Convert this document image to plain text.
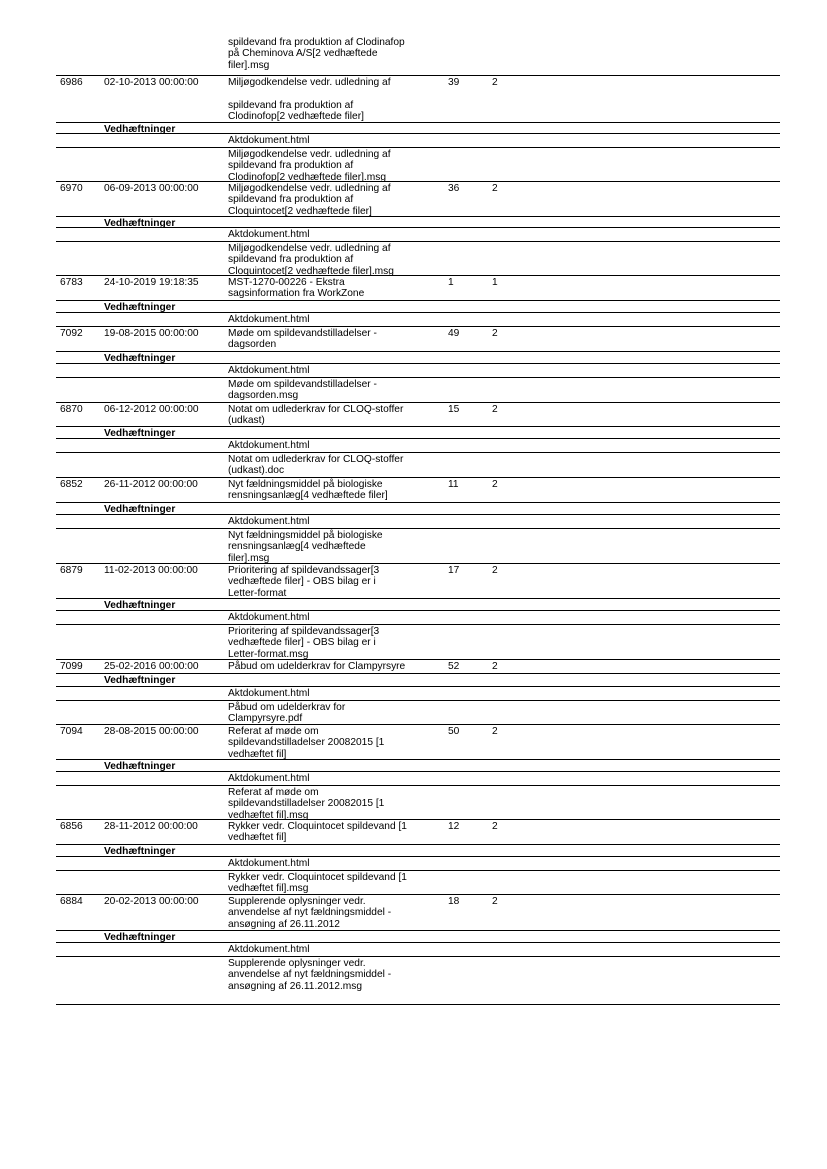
spildevand fra produktion af Clodinafop
på Cheminova A/S[2 vedhæftede
filer].msg
6986 02-10-2013 00:00:00	Miljøgodkendelse vedr. udledning af

spildevand fra produktion af
Clodinofop[2 vedhæftede filer]
39	2
Vedhæftninger
Aktdokument.html
Miljøgodkendelse vedr. udledning af
spildevand fra produktion af
Clodinofop[2 vedhæftede filer].msg
6970 06-09-2013 00:00:00	Miljøgodkendelse vedr. udledning af
spildevand fra produktion af
Cloquintocet[2 vedhæftede filer]
36	2
Vedhæftninger
Aktdokument.html
Miljøgodkendelse vedr. udledning af
spildevand fra produktion af
Cloquintocet[2 vedhæftede filer].msg
6783 24-10-2019 19:18:35	MST-1270-00226 - Ekstra
sagsinformation fra WorkZone
1	1
Vedhæftninger
Aktdokument.html
7092 19-08-2015 00:00:00	Møde om spildevandstilladelser -
dagsorden
49	2
Vedhæftninger
Aktdokument.html
Møde om spildevandstilladelser -
dagsorden.msg
6870 06-12-2012 00:00:00	Notat om udlederkrav for CLOQ-stoffer
(udkast)
15	2
Vedhæftninger
Aktdokument.html
Notat om udlederkrav for CLOQ-stoffer
(udkast).doc
6852 26-11-2012 00:00:00	Nyt fældningsmiddel på biologiske
rensningsanlæg[4 vedhæftede filer]
11	2
Vedhæftninger
Aktdokument.html
Nyt fældningsmiddel på biologiske
rensningsanlæg[4 vedhæftede
filer].msg
6879 11-02-2013 00:00:00	Prioritering af spildevandssager[3
vedhæftede filer] - OBS bilag er i
Letter-format
17	2
Vedhæftninger
Aktdokument.html
Prioritering af spildevandssager[3
vedhæftede filer] - OBS bilag er i
Letter-format.msg
7099 25-02-2016 00:00:00	Påbud om udelderkrav for Clampyrsyre	52	2
Vedhæftninger
Aktdokument.html
Påbud om udelderkrav for
Clampyrsyre.pdf
7094 28-08-2015 00:00:00	Referat af møde om
spildevandstilladelser 20082015 [1
vedhæftet fil]
50	2
Vedhæftninger
Aktdokument.html
Referat af møde om
spildevandstilladelser 20082015 [1
vedhæftet fil].msg
6856 28-11-2012 00:00:00	Rykker vedr. Cloquintocet spildevand [1
vedhæftet fil]
12	2
Vedhæftninger
Aktdokument.html
Rykker vedr. Cloquintocet spildevand [1
vedhæftet fil].msg
6884 20-02-2013 00:00:00	Supplerende oplysninger vedr.
anvendelse af nyt fældningsmiddel -
ansøgning af 26.11.2012
18	2
Vedhæftninger
Aktdokument.html
Supplerende oplysninger vedr.
anvendelse af nyt fældningsmiddel -
ansøgning af 26.11.2012.msg
